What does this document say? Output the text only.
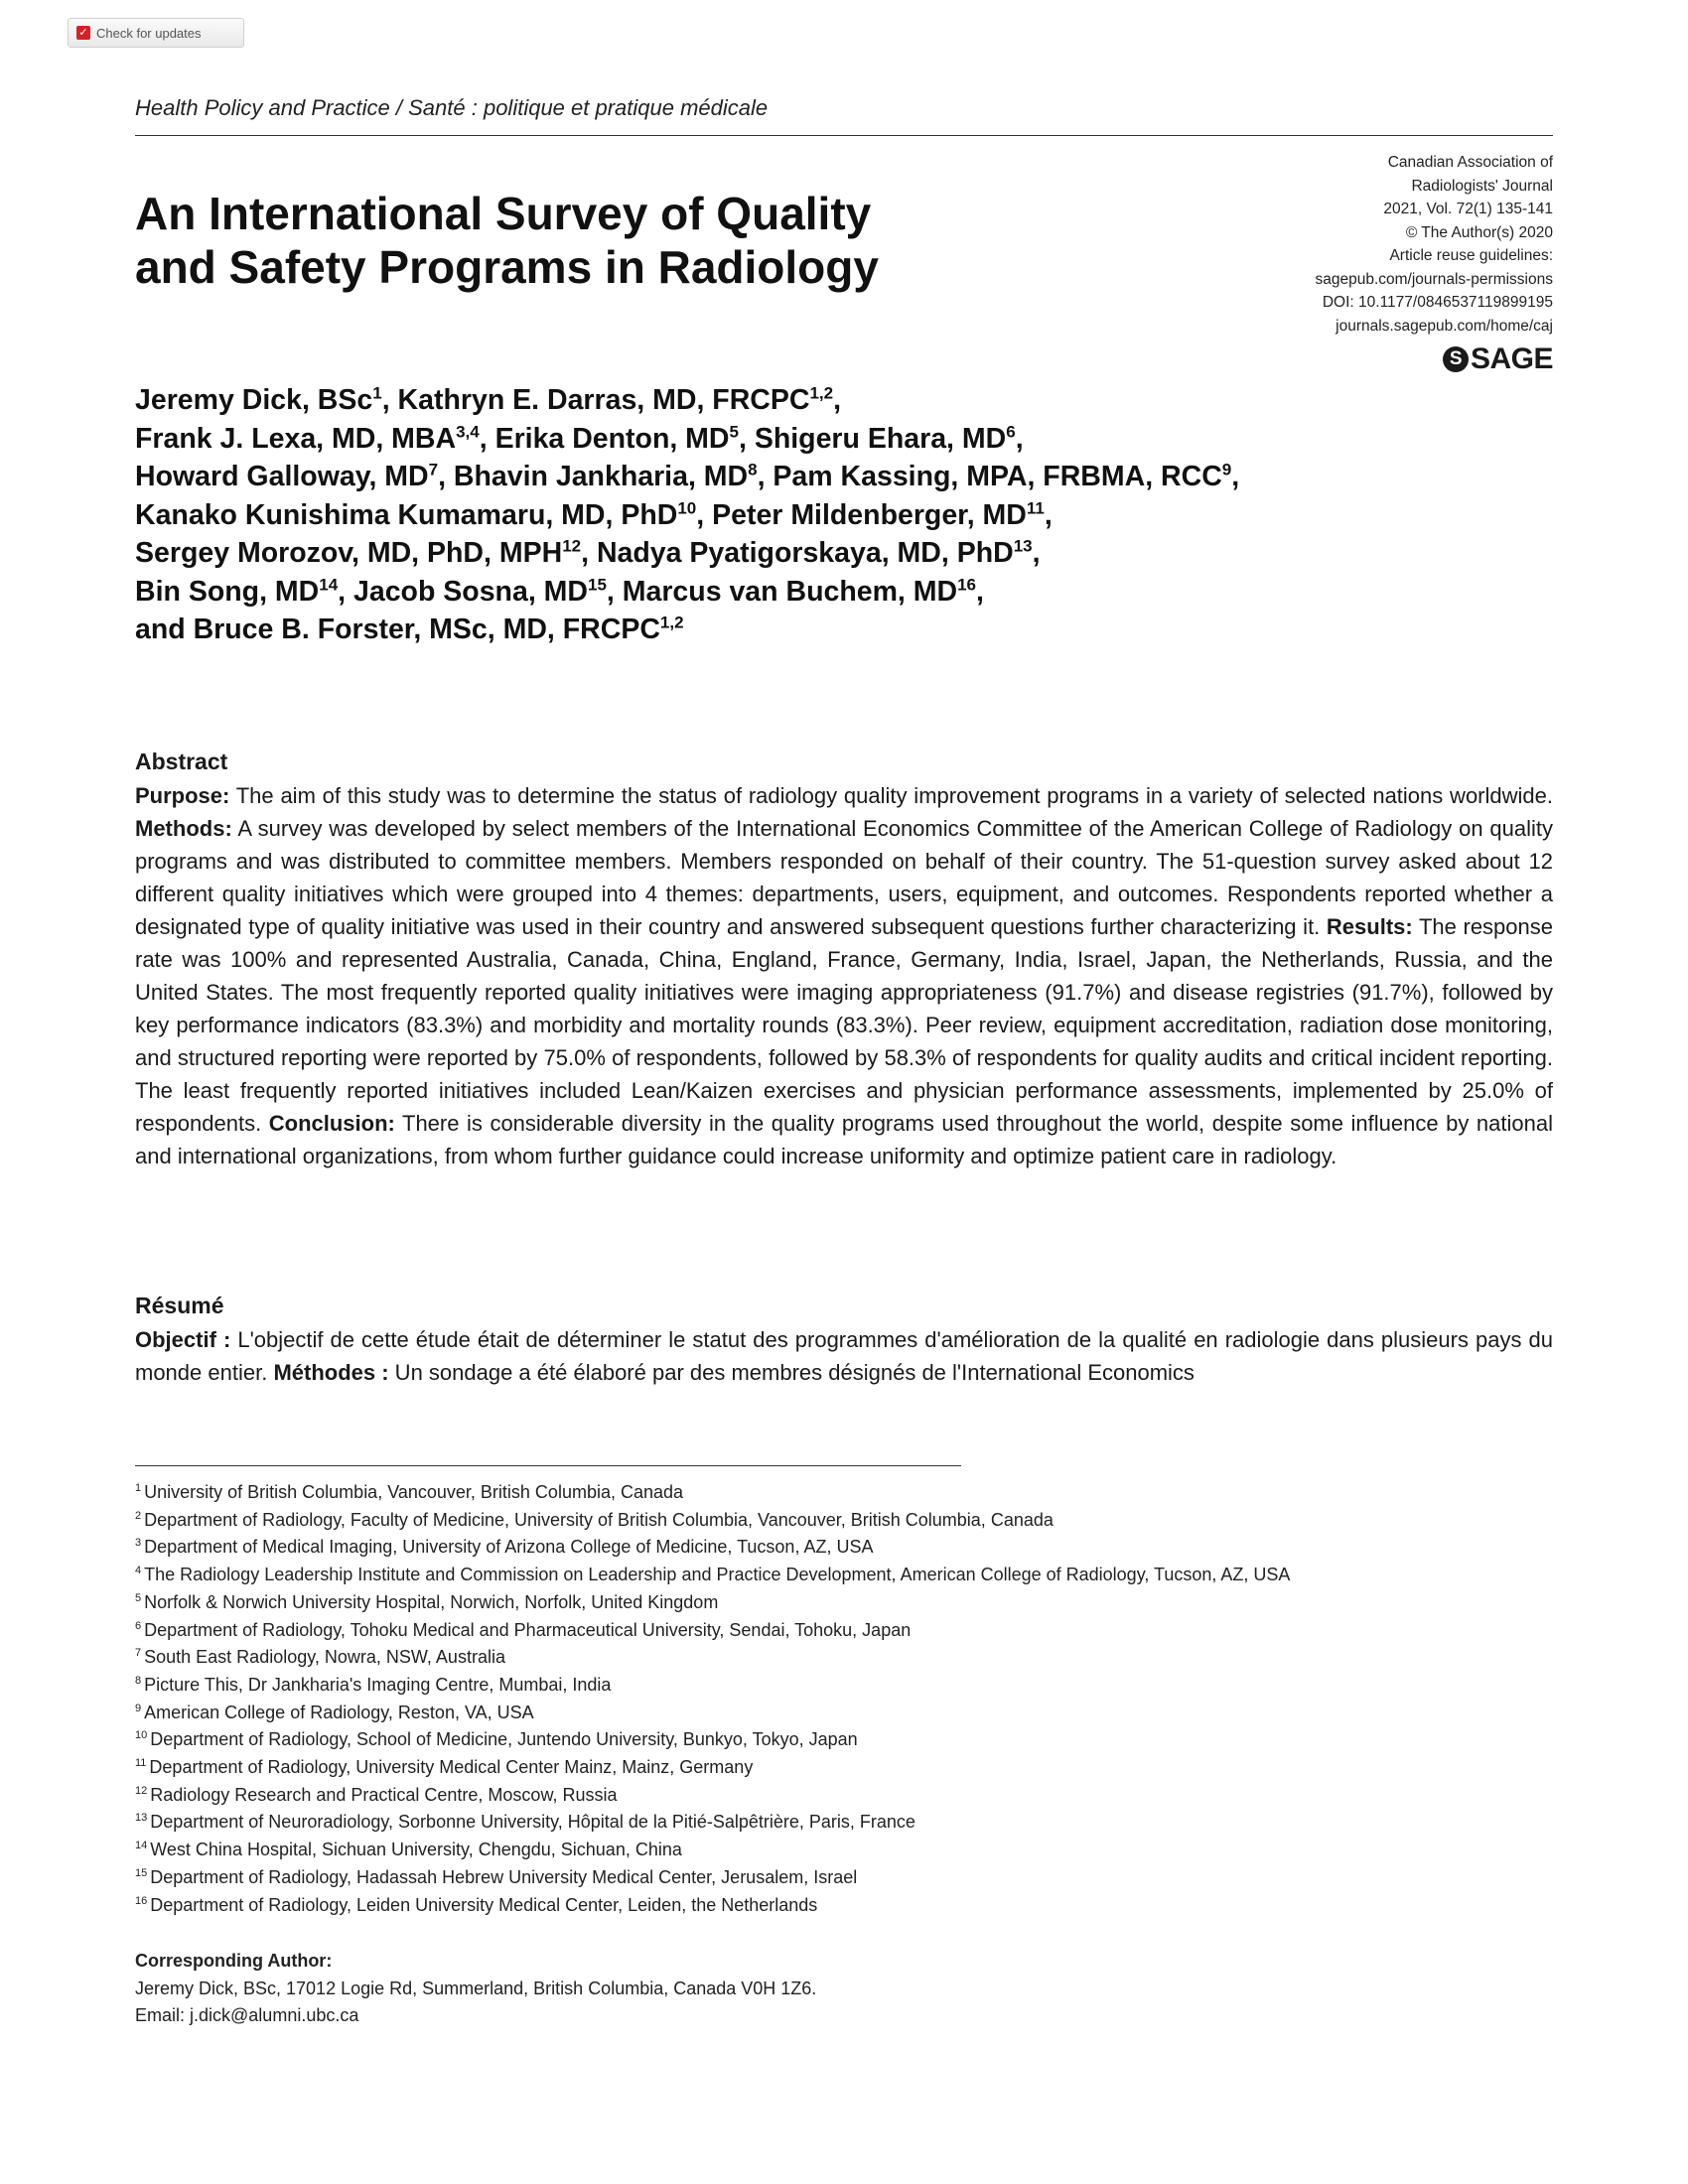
✓ Check for updates
Health Policy and Practice / Santé : politique et pratique médicale
Canadian Association of
Radiologists' Journal
2021, Vol. 72(1) 135-141
© The Author(s) 2020
Article reuse guidelines:
sagepub.com/journals-permissions
DOI: 10.1177/0846537119899195
journals.sagepub.com/home/caj
S SAGE
An International Survey of Quality
and Safety Programs in Radiology
Jeremy Dick, BSc$^1$, Kathryn E. Darras, MD, FRCPC$^{1,2}$,
Frank J. Lexa, MD, MBA$^{3,4}$, Erika Denton, $MD^5$, Shigeru Ehara, $MD^6$,
Howard Galloway, $MD^7$, Bhavin Jankharia, $MD^8$, Pam Kassing, MPA, FRBMA, RCC$^9$,
Kanako Kunishima Kumamaru, MD, PhD$^{10}$, Peter Mildenberger, MD$^{11}$,
Sergey Morozov, MD, PhD, MPH$^{12}$, Nadya Pyatigorskaya, MD, PhD$^{13}$,
Bin Song, MD$^{14}$, Jacob Sosna, MD$^{15}$, Marcus van Buchem, MD$^{16}$,
and Bruce B. Forster, MSc, MD, FRCPC$^{1,2}$
Abstract

Purpose: The aim of this study was to determine the status of radiology quality improvement programs in a variety of selected nations worldwide. Methods: A survey was developed by select members of the International Economics Committee of the American College of Radiology on quality programs and was distributed to committee members. Members responded on behalf of their country. The 51-question survey asked about 12 different quality initiatives which were grouped into 4 themes: departments, users, equipment, and outcomes. Respondents reported whether a designated type of quality initiative was used in their country and answered subsequent questions further characterizing it. Results: The response rate was 100% and represented Australia, Canada, China, England, France, Germany, India, Israel, Japan, the Netherlands, Russia, and the United States. The most frequently reported quality initiatives were imaging appropriateness (91.7%) and disease registries (91.7%), followed by key performance indicators (83.3%) and morbidity and mortality rounds (83.3%). Peer review, equipment accreditation, radiation dose monitoring, and structured reporting were reported by 75.0% of respondents, followed by 58.3% of respondents for quality audits and critical incident reporting. The least frequently reported initiatives included Lean/Kaizen exercises and physician performance assessments, implemented by 25.0% of respondents. Conclusion: There is considerable diversity in the quality programs used throughout the world, despite some influence by national and international organizations, from whom further guidance could increase uniformity and optimize patient care in radiology.

Résumé

Objectif : L'objectif de cette étude était de déterminer le statut des programmes d'amélioration de la qualité en radiologie dans plusieurs pays du monde entier. Méthodes : Un sondage a été élaboré par des membres désignés de l'International Economics

$^1$ University of British Columbia, Vancouver, British Columbia, Canada
$^2$ Department of Radiology, Faculty of Medicine, University of British Columbia, Vancouver, British Columbia, Canada
$^3$ Department of Medical Imaging, University of Arizona College of Medicine, Tucson, AZ, USA
$^4$ The Radiology Leadership Institute and Commission on Leadership and Practice Development, American College of Radiology, Tucson, AZ, USA
$^5$ Norfolk & Norwich University Hospital, Norwich, Norfolk, United Kingdom
$^6$ Department of Radiology, Tohoku Medical and Pharmaceutical University, Sendai, Tohoku, Japan
$^7$ South East Radiology, Nowra, NSW, Australia
$^8$ Picture This, Dr Jankharia's Imaging Centre, Mumbai, India
$^9$ American College of Radiology, Reston, VA, USA
$^{10}$ Department of Radiology, School of Medicine, Juntendo University, Bunkyo, Tokyo, Japan
$^{11}$ Department of Radiology, University Medical Center Mainz, Mainz, Germany
$^{12}$ Radiology Research and Practical Centre, Moscow, Russia
$^{13}$ Department of Neuroradiology, Sorbonne University, Hôpital de la Pitié-Salpêtrière, Paris, France
$^{14}$ West China Hospital, Sichuan University, Chengdu, Sichuan, China
$^{15}$ Department of Radiology, Hadassah Hebrew University Medical Center, Jerusalem, Israel
$^{16}$ Department of Radiology, Leiden University Medical Center, Leiden, the Netherlands
Corresponding Author:
Jeremy Dick, BSc, 17012 Logie Rd, Summerland, British Columbia, Canada V0H 1Z6.
Email: j.dick@alumni.ubc.ca
